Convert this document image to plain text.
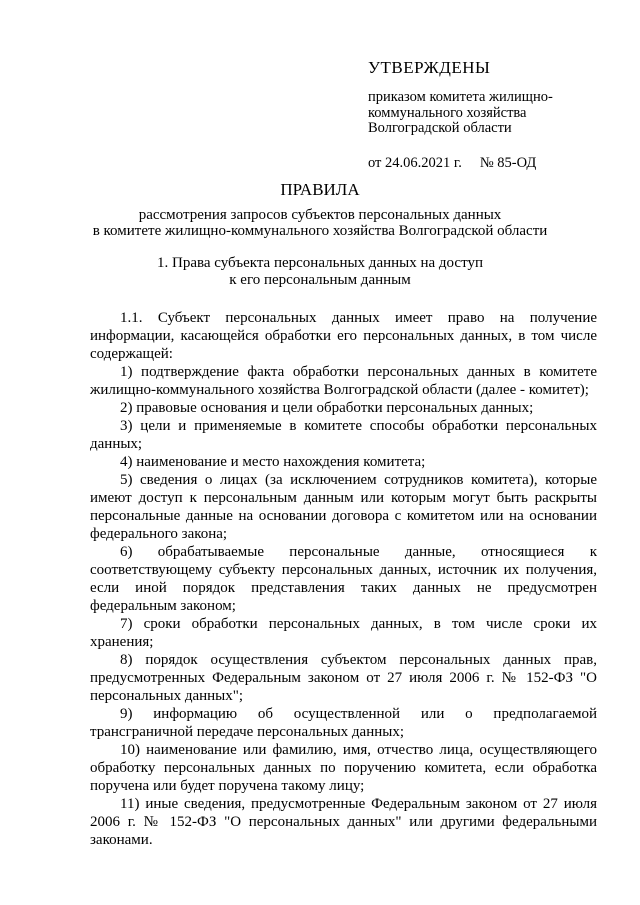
УТВЕРЖДЕНЫ
приказом комитета жилищно-
коммунального хозяйства
Волгоградской области
от 24.06.2021 г. № 85-ОД
ПРАВИЛА
рассмотрения запросов субъектов персональных данных
в комитете жилищно-коммунального хозяйства Волгоградской области
1. Права субъекта персональных данных на доступ
к его персональным данным

1.1. Субъект персональных данных имеет право на получение информации, касающейся обработки его персональных данных, в том числе содержащей:

1) подтверждение факта обработки персональных данных в комитете жилищно-коммунального хозяйства Волгоградской области (далее - комитет);

2) правовые основания и цели обработки персональных данных;

3) цели и применяемые в комитете способы обработки персональных данных;

4) наименование и место нахождения комитета;

5) сведения о лицах (за исключением сотрудников комитета), которые имеют доступ к персональным данным или которым могут быть раскрыты персональные данные на основании договора с комитетом или на основании федерального закона;

6) обрабатываемые персональные данные, относящиеся к соответствующему субъекту персональных данных, источник их получения, если иной порядок представления таких данных не предусмотрен федеральным законом;

7) сроки обработки персональных данных, в том числе сроки их хранения;

8) порядок осуществления субъектом персональных данных прав, предусмотренных Федеральным законом от 27 июля 2006 г. № 152-ФЗ "О персональных данных";

9) информацию об осуществленной или о предполагаемой трансграничной передаче персональных данных;

10) наименование или фамилию, имя, отчество лица, осуществляющего обработку персональных данных по поручению комитета, если обработка поручена или будет поручена такому лицу;

11) иные сведения, предусмотренные Федеральным законом от 27 июля 2006 г. № 152-ФЗ "О персональных данных" или другими федеральными законами.
